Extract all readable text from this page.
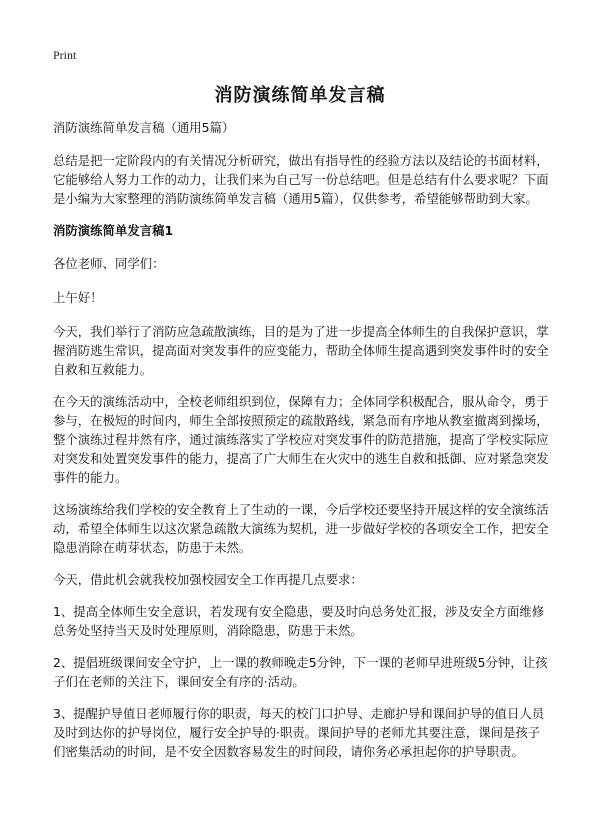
Print
消防演练简单发言稿

消防演练简单发言稿（通用5篇）

总结是把一定阶段内的有关情况分析研究，做出有指导性的经验方法以及结论的书面材料，它能够给人努力工作的动力，让我们来为自己写一份总结吧。但是总结有什么要求呢？下面是小编为大家整理的消防演练简单发言稿（通用5篇），仅供参考，希望能够帮助到大家。

消防演练简单发言稿1

各位老师、同学们：

上午好！

今天，我们举行了消防应急疏散演练，目的是为了进一步提高全体师生的自我保护意识，掌握消防逃生常识，提高面对突发事件的应变能力，帮助全体师生提高遇到突发事件时的安全自救和互救能力。

在今天的演练活动中，全校老师组织到位，保障有力；全体同学积极配合，服从命令，勇于参与，在极短的时间内，师生全部按照预定的疏散路线，紧急而有序地从教室撤离到操场，整个演练过程井然有序，通过演练落实了学校应对突发事件的防范措施，提高了学校实际应对突发和处置突发事件的能力，提高了广大师生在火灾中的逃生自救和抵御、应对紧急突发事件的能力。

这场演练给我们学校的安全教育上了生动的一课，今后学校还要坚持开展这样的安全演练活动，希望全体师生以这次紧急疏散大演练为契机，进一步做好学校的各项安全工作，把安全隐患消除在萌芽状态，防患于未然。

今天，借此机会就我校加强校园安全工作再提几点要求：

1、提高全体师生安全意识，若发现有安全隐患，要及时向总务处汇报，涉及安全方面维修总务处坚持当天及时处理原则，消除隐患，防患于未然。

2、提倡班级课间安全守护，上一课的教师晚走5分钟，下一课的老师早进班级5分钟，让孩子们在老师的关注下，课间安全有序的·活动。

3、提醒护导值日老师履行你的职责，每天的校门口护导、走廊护导和课间护导的值日人员及时到达你的护导岗位，履行安全护导的·职责。课间护导的老师尤其要注意，课间是孩子们密集活动的时间，是不安全因数容易发生的时间段，请你务必承担起你的护导职责。
